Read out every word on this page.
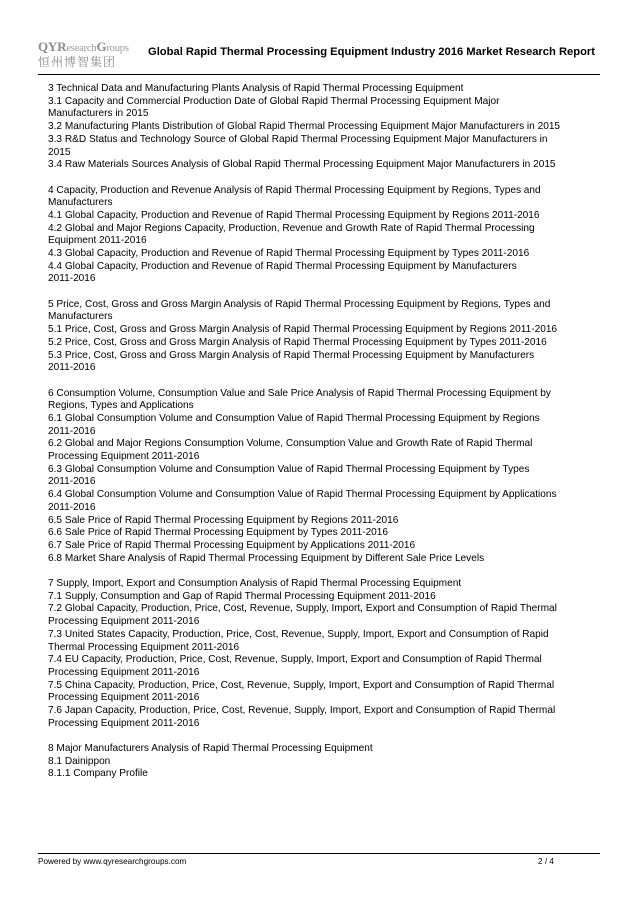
QYResearchGroups
恒州博智集团
Global Rapid Thermal Processing Equipment Industry 2016 Market Research Report
3 Technical Data and Manufacturing Plants Analysis of Rapid Thermal Processing Equipment
3.1 Capacity and Commercial Production Date of Global Rapid Thermal Processing Equipment Major
Manufacturers in 2015
3.2 Manufacturing Plants Distribution of Global Rapid Thermal Processing Equipment Major Manufacturers in 2015
3.3 R&D Status and Technology Source of Global Rapid Thermal Processing Equipment Major Manufacturers in
2015
3.4 Raw Materials Sources Analysis of Global Rapid Thermal Processing Equipment Major Manufacturers in 2015
4 Capacity, Production and Revenue Analysis of Rapid Thermal Processing Equipment by Regions, Types and
Manufacturers
4.1 Global Capacity, Production and Revenue of Rapid Thermal Processing Equipment by Regions 2011-2016
4.2 Global and Major Regions Capacity, Production, Revenue and Growth Rate of Rapid Thermal Processing
Equipment 2011-2016
4.3 Global Capacity, Production and Revenue of Rapid Thermal Processing Equipment by Types 2011-2016
4.4 Global Capacity, Production and Revenue of Rapid Thermal Processing Equipment by Manufacturers
2011-2016
5 Price, Cost, Gross and Gross Margin Analysis of Rapid Thermal Processing Equipment by Regions, Types and
Manufacturers
5.1 Price, Cost, Gross and Gross Margin Analysis of Rapid Thermal Processing Equipment by Regions 2011-2016
5.2 Price, Cost, Gross and Gross Margin Analysis of Rapid Thermal Processing Equipment by Types 2011-2016
5.3 Price, Cost, Gross and Gross Margin Analysis of Rapid Thermal Processing Equipment by Manufacturers
2011-2016
6 Consumption Volume, Consumption Value and Sale Price Analysis of Rapid Thermal Processing Equipment by
Regions, Types and Applications
6.1 Global Consumption Volume and Consumption Value of Rapid Thermal Processing Equipment by Regions
2011-2016
6.2 Global and Major Regions Consumption Volume, Consumption Value and Growth Rate of Rapid Thermal
Processing Equipment 2011-2016
6.3 Global Consumption Volume and Consumption Value of Rapid Thermal Processing Equipment by Types
2011-2016
6.4 Global Consumption Volume and Consumption Value of Rapid Thermal Processing Equipment by Applications
2011-2016
6.5 Sale Price of Rapid Thermal Processing Equipment by Regions 2011-2016
6.6 Sale Price of Rapid Thermal Processing Equipment by Types 2011-2016
6.7 Sale Price of Rapid Thermal Processing Equipment by Applications 2011-2016
6.8 Market Share Analysis of Rapid Thermal Processing Equipment by Different Sale Price Levels
7 Supply, Import, Export and Consumption Analysis of Rapid Thermal Processing Equipment
7.1 Supply, Consumption and Gap of Rapid Thermal Processing Equipment 2011-2016
7.2 Global Capacity, Production, Price, Cost, Revenue, Supply, Import, Export and Consumption of Rapid Thermal
Processing Equipment 2011-2016
7.3 United States Capacity, Production, Price, Cost, Revenue, Supply, Import, Export and Consumption of Rapid
Thermal Processing Equipment 2011-2016
7.4 EU Capacity, Production, Price, Cost, Revenue, Supply, Import, Export and Consumption of Rapid Thermal
Processing Equipment 2011-2016
7.5 China Capacity, Production, Price, Cost, Revenue, Supply, Import, Export and Consumption of Rapid Thermal
Processing Equipment 2011-2016
7.6 Japan Capacity, Production, Price, Cost, Revenue, Supply, Import, Export and Consumption of Rapid Thermal
Processing Equipment 2011-2016
8 Major Manufacturers Analysis of Rapid Thermal Processing Equipment
8.1 Dainippon
8.1.1 Company Profile
Powered by www.qyresearchgroups.com	2 / 4
